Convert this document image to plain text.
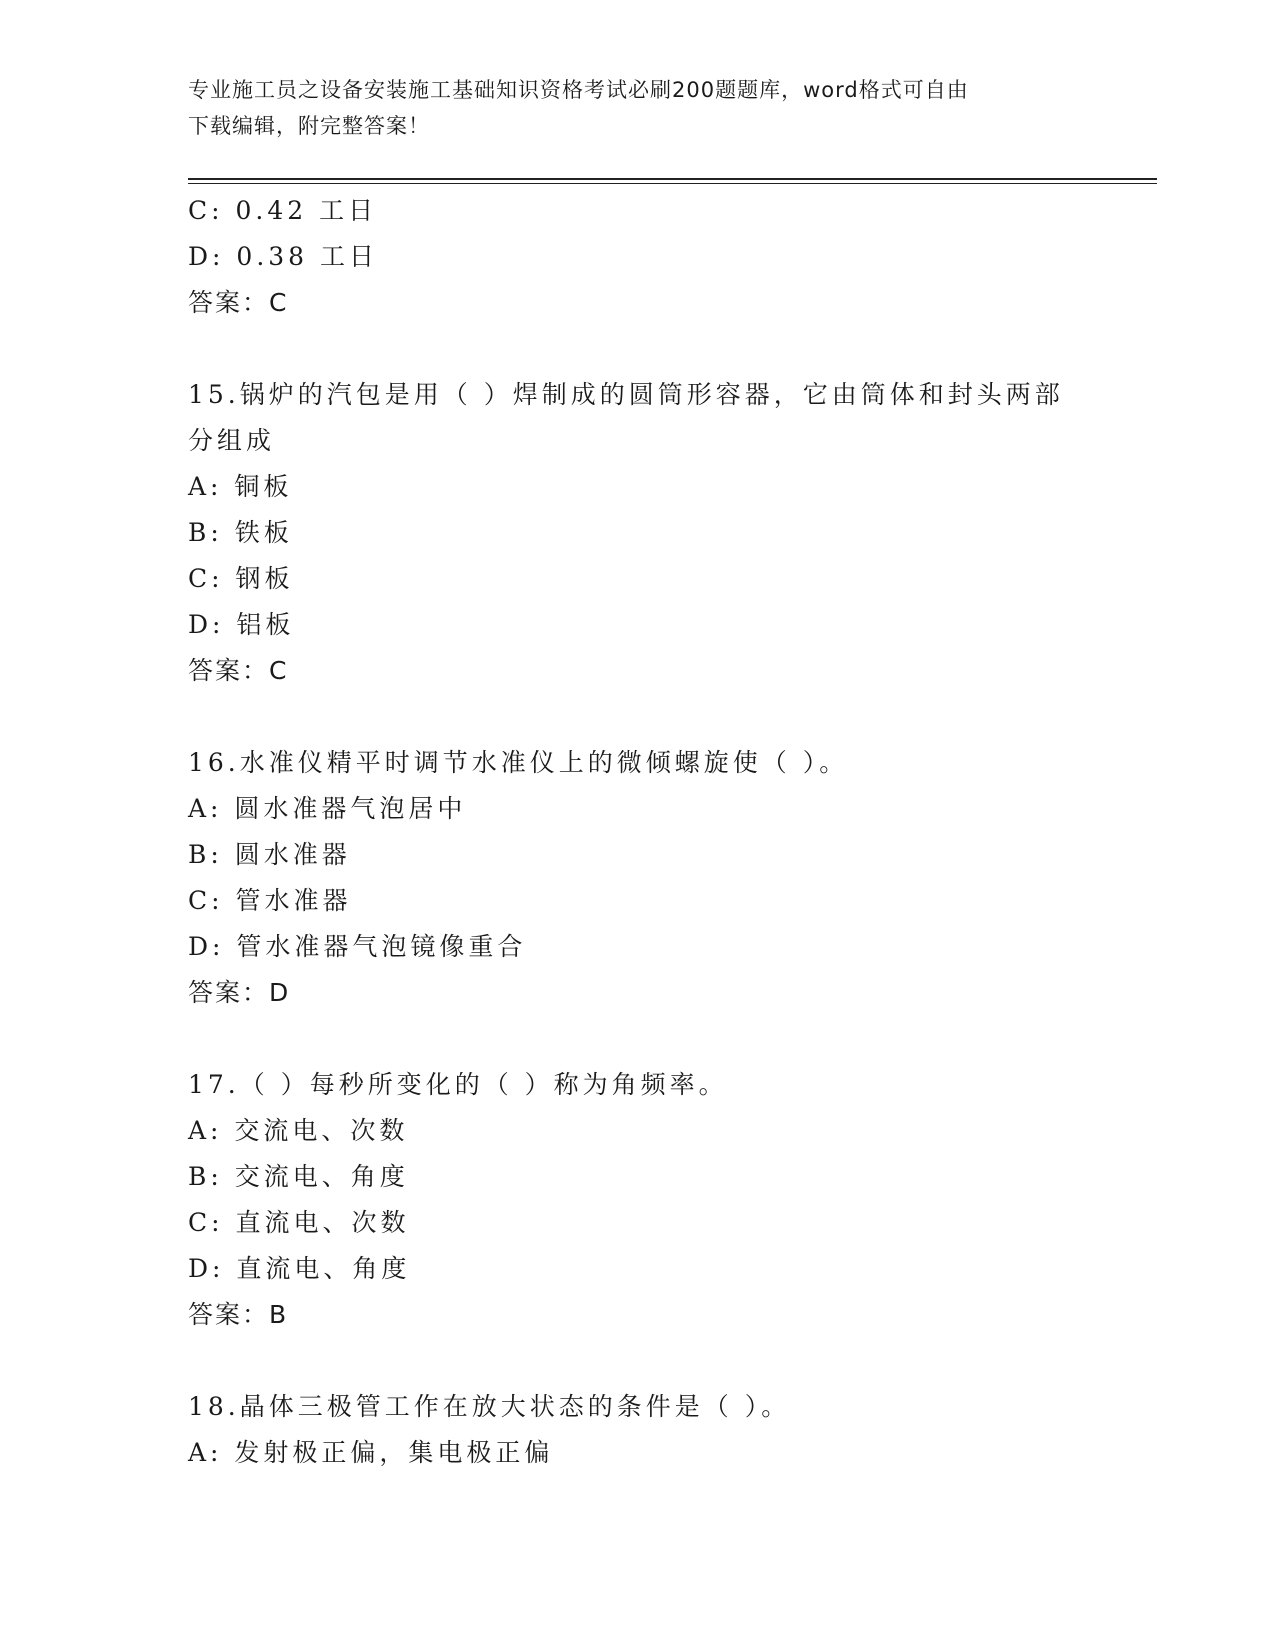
专业施工员之设备安装施工基础知识资格考试必刷200题题库，word格式可自由
下载编辑，附完整答案！
C: 0.42 工日
D: 0.38 工日
答案：C
15.锅炉的汽包是用（ ）焊制成的圆筒形容器，它由筒体和封头两部
分组成
A: 铜板
B: 铁板
C: 钢板
D: 铝板
答案：C
16.水准仪精平时调节水准仪上的微倾螺旋使（ ）。
A: 圆水准器气泡居中
B: 圆水准器
C: 管水准器
D: 管水准器气泡镜像重合
答案：D
17.（ ）每秒所变化的（ ）称为角频率。
A: 交流电、次数
B: 交流电、角度
C: 直流电、次数
D: 直流电、角度
答案：B
18.晶体三极管工作在放大状态的条件是（ ）。
A: 发射极正偏，集电极正偏
